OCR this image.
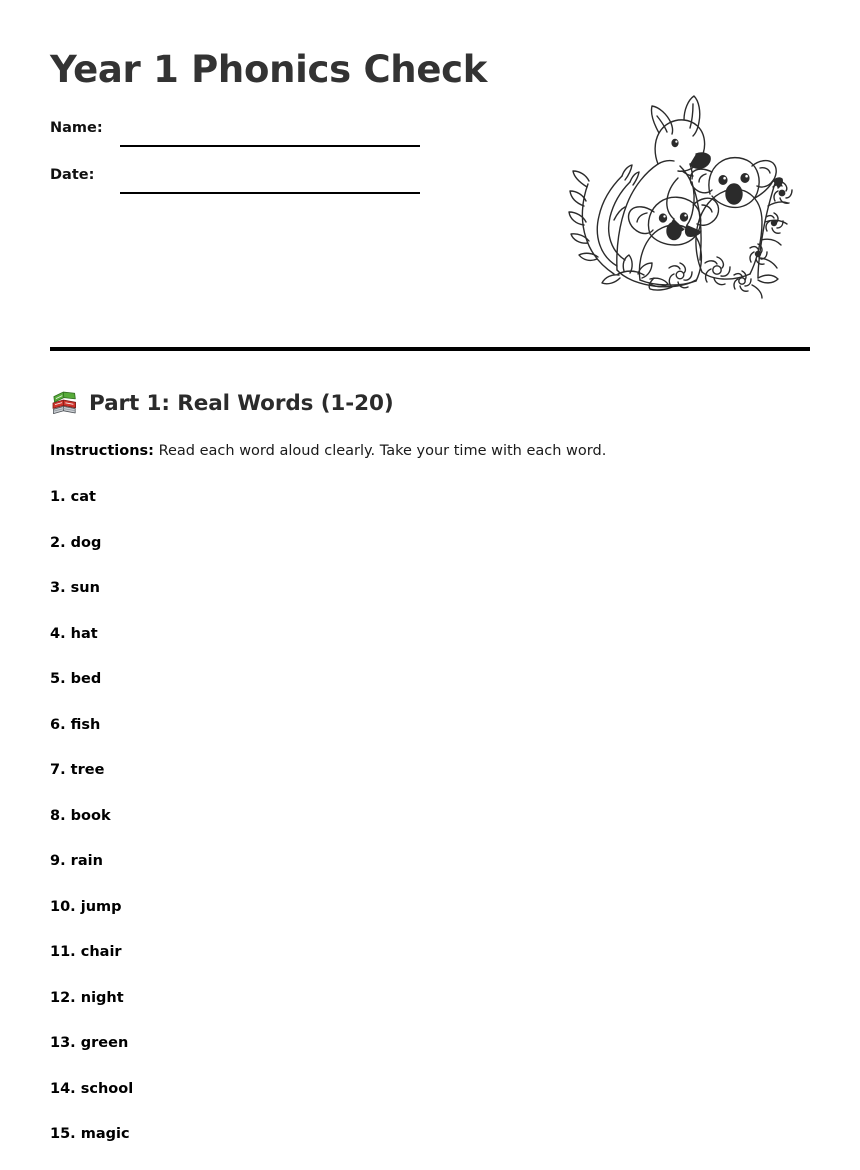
Year 1 Phonics Check
Name:
Date:
Part 1: Real Words (1-20)
Instructions: Read each word aloud clearly. Take your time with each word.
1. cat
2. dog
3. sun
4. hat
5. bed
6. fish
7. tree
8. book
9. rain
10. jump
11. chair
12. night
13. green
14. school
15. magic
